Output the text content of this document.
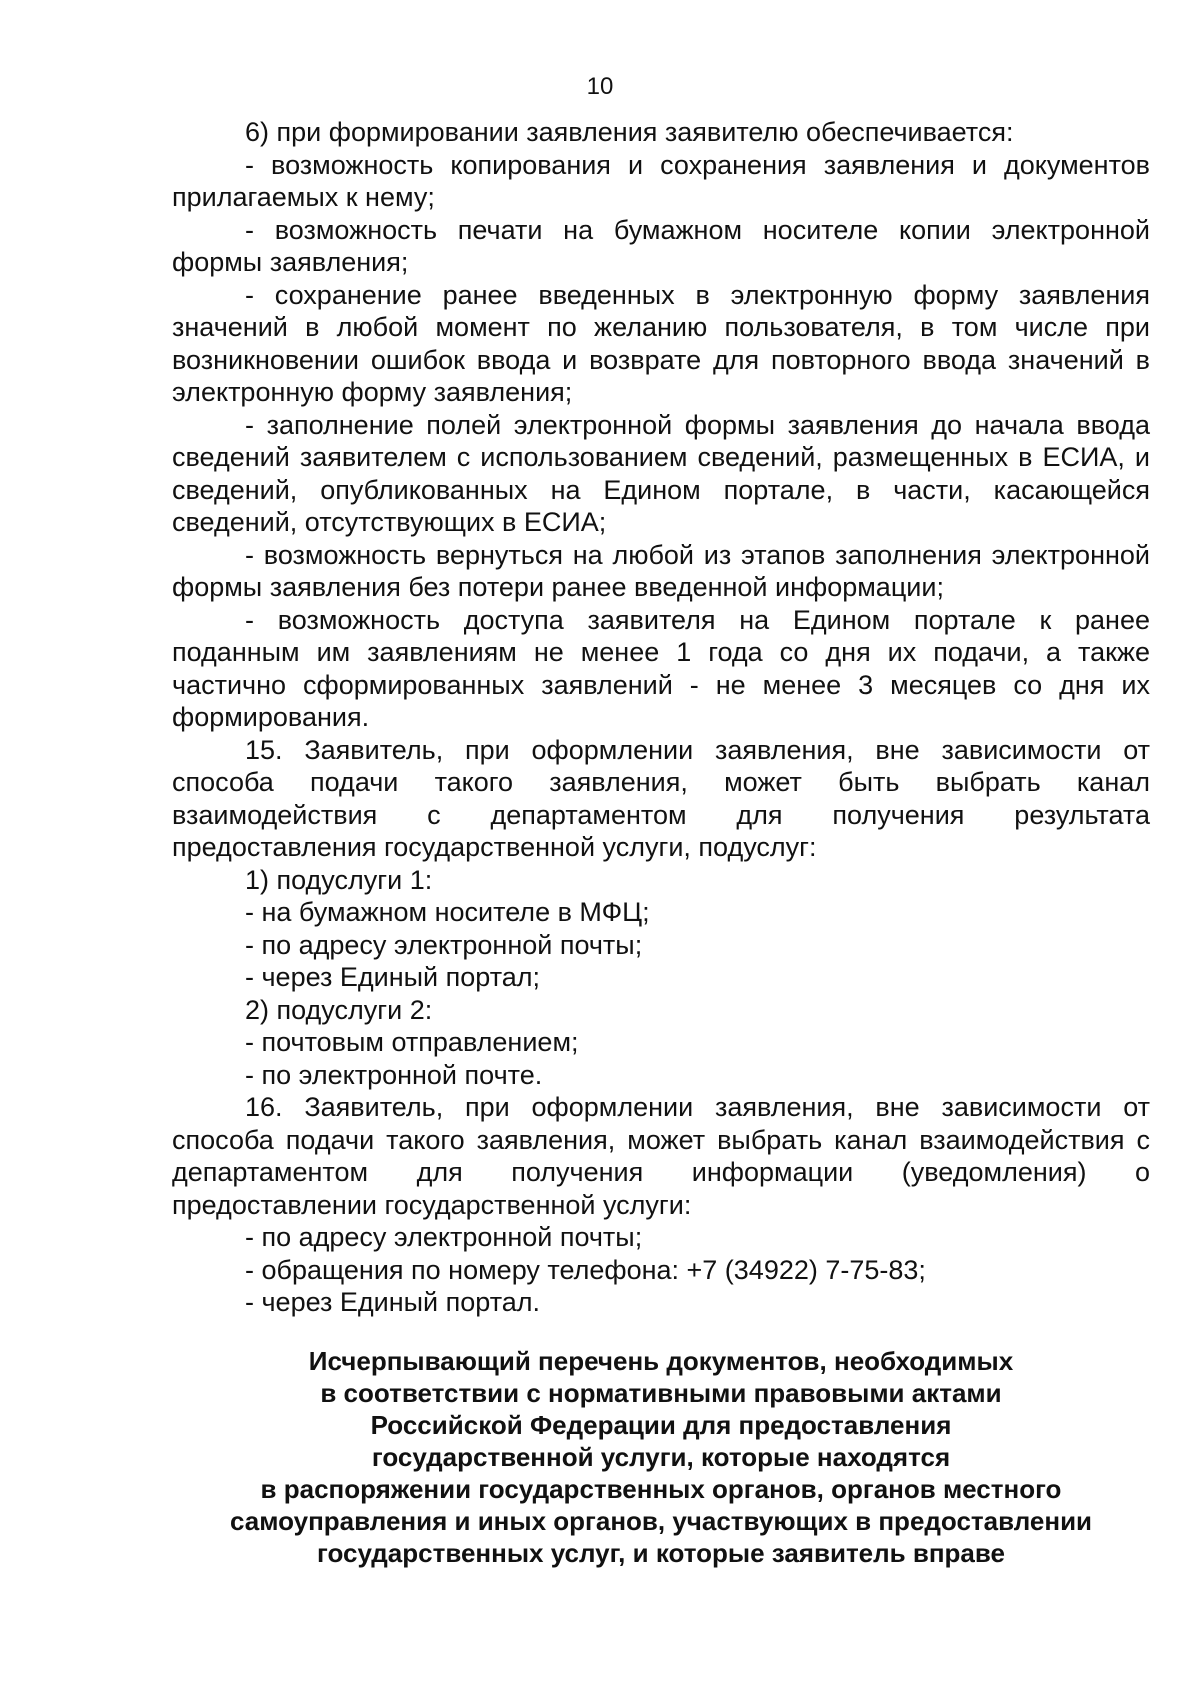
10

6) при формировании заявления заявителю обеспечивается:

- возможность копирования и сохранения заявления и документов прилагаемых к нему;

- возможность печати на бумажном носителе копии электронной формы заявления;

- сохранение ранее введенных в электронную форму заявления значений в любой момент по желанию пользователя, в том числе при возникновении ошибок ввода и возврате для повторного ввода значений в электронную форму заявления;

- заполнение полей электронной формы заявления до начала ввода сведений заявителем с использованием сведений, размещенных в ЕСИА, и сведений, опубликованных на Едином портале, в части, касающейся сведений, отсутствующих в ЕСИА;

- возможность вернуться на любой из этапов заполнения электронной формы заявления без потери ранее введенной информации;

- возможность доступа заявителя на Едином портале к ранее поданным им заявлениям не менее 1 года со дня их подачи, а также частично сформированных заявлений - не менее 3 месяцев со дня их формирования.

15. Заявитель, при оформлении заявления, вне зависимости от способа подачи такого заявления, может быть выбрать канал взаимодействия с департаментом для получения результата предоставления государственной услуги, подуслуг:

1) подуслуги 1:

- на бумажном носителе в МФЦ;

- по адресу электронной почты;

- через Единый портал;

2) подуслуги 2:

- почтовым отправлением;

- по электронной почте.

16. Заявитель, при оформлении заявления, вне зависимости от способа подачи такого заявления, может выбрать канал взаимодействия с департаментом для получения информации (уведомления) о предоставлении государственной услуги:

- по адресу электронной почты;

- обращения по номеру телефона: +7 (34922) 7-75-83;

- через Единый портал.

Исчерпывающий перечень документов, необходимых
в соответствии с нормативными правовыми актами
Российской Федерации для предоставления
государственной услуги, которые находятся
в распоряжении государственных органов, органов местного
самоуправления и иных органов, участвующих в предоставлении
государственных услуг, и которые заявитель вправе
